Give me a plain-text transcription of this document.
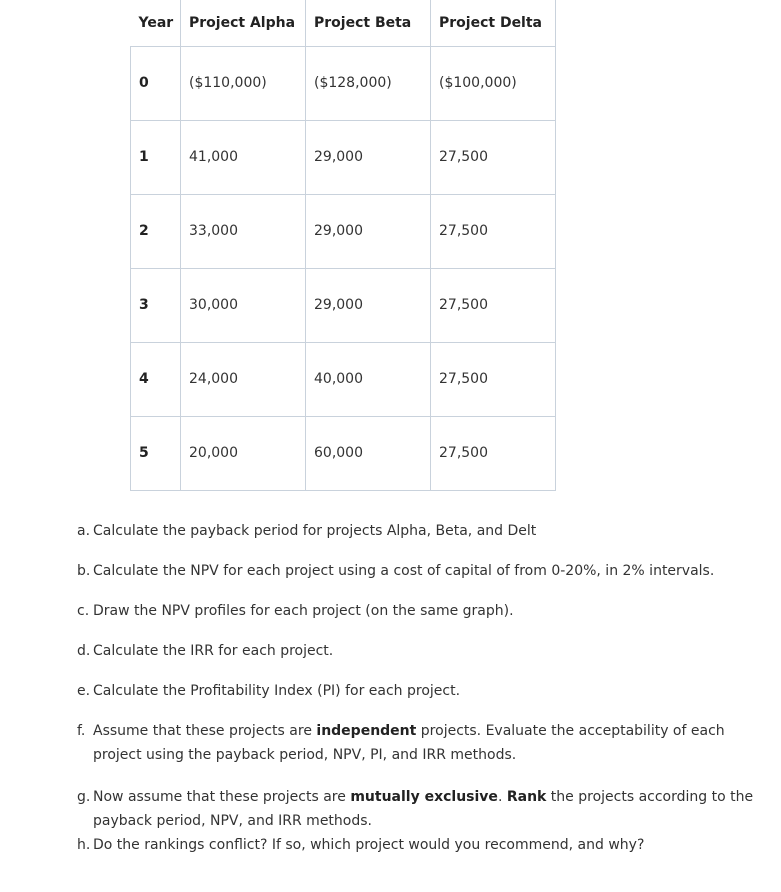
Year	Project Alpha	Project Beta	Project Delta
0	($110,000)	($128,000)	($100,000)
1	41,000	29,000	27,500
2	33,000	29,000	27,500
3	30,000	29,000	27,500
4	24,000	40,000	27,500
5	20,000	60,000	27,500
a. Calculate the payback period for projects Alpha, Beta, and Delt
b. Calculate the NPV for each project using a cost of capital of from 0-20%, in 2% intervals.
c. Draw the NPV profiles for each project (on the same graph).
d. Calculate the IRR for each project.
e. Calculate the Profitability Index (PI) for each project.
f. Assume that these projects are independent projects. Evaluate the acceptability of each project using the payback period, NPV, PI, and IRR methods.
g. Now assume that these projects are mutually exclusive. Rank the projects according to the payback period, NPV, and IRR methods.
h. Do the rankings conflict? If so, which project would you recommend, and why?
